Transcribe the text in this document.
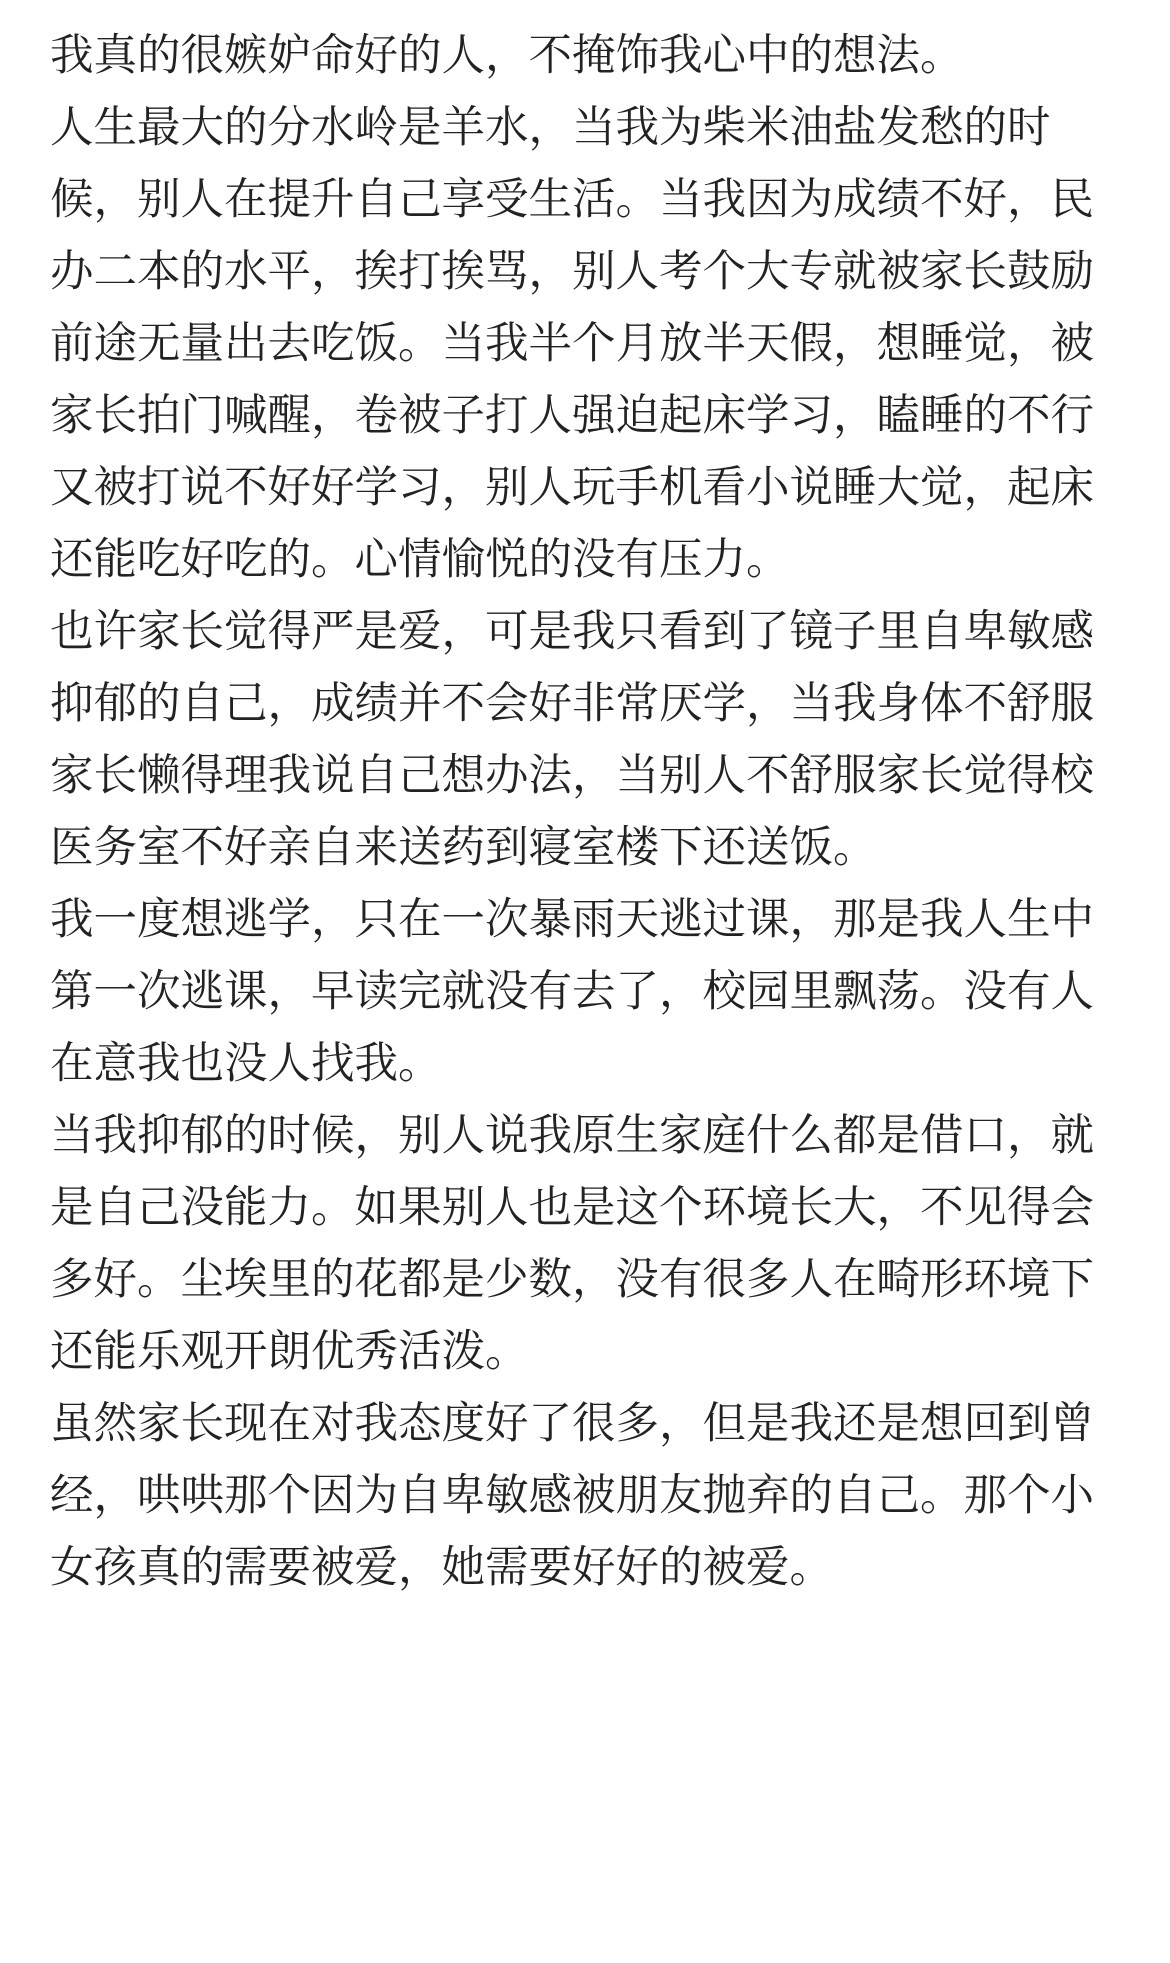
我真的很嫉妒命好的人，不掩饰我心中的想法。

人生最大的分水岭是羊水，当我为柴米油盐发愁的时候，别人在提升自己享受生活。当我因为成绩不好，民办二本的水平，挨打挨骂，别人考个大专就被家长鼓励前途无量出去吃饭。当我半个月放半天假，想睡觉，被家长拍门喊醒，卷被子打人强迫起床学习，瞌睡的不行又被打说不好好学习，别人玩手机看小说睡大觉，起床还能吃好吃的。心情愉悦的没有压力。

也许家长觉得严是爱，可是我只看到了镜子里自卑敏感抑郁的自己，成绩并不会好非常厌学，当我身体不舒服家长懒得理我说自己想办法，当别人不舒服家长觉得校医务室不好亲自来送药到寝室楼下还送饭。

我一度想逃学，只在一次暴雨天逃过课，那是我人生中第一次逃课，早读完就没有去了，校园里飘荡。没有人在意我也没人找我。

当我抑郁的时候，别人说我原生家庭什么都是借口，就是自己没能力。如果别人也是这个环境长大，不见得会多好。尘埃里的花都是少数，没有很多人在畸形环境下还能乐观开朗优秀活泼。

虽然家长现在对我态度好了很多，但是我还是想回到曾经，哄哄那个因为自卑敏感被朋友抛弃的自己。那个小女孩真的需要被爱，她需要好好的被爱。
